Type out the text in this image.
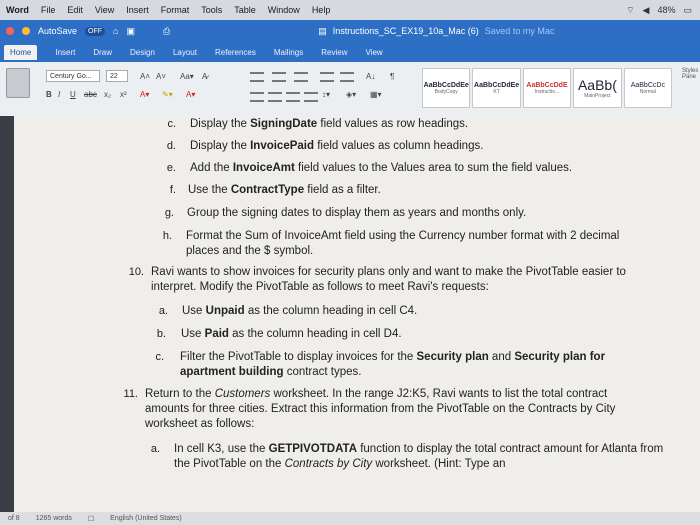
Word File Edit View Insert Format Tools Table Window Help	⌔ ◀ 48% ▭
AutoSave	OFF	⌂ ▣	⎙	▤ Instructions_SC_EX19_10a_Mac (6) Saved to my Mac
Home	Insert Draw Design Layout References Mailings Review View
Century Go...	22	A˄ A˅ Aa▾ A̷
B I U abc x₂ x² A▾ ✎▾ A▾
A↓ ¶
↕▾ ◈▾ ▦▾
AaBbCcDdEe
BodyCopy
AaBbCcDdEe
KT
AaBbCcDdE
Instructio... AaBb(
MainProject
AaBbCcDc
Normal
Styles Pane
c. Display the SigningDate field values as row headings.
d. Display the InvoicePaid field values as column headings.
e. Add the InvoiceAmt field values to the Values area to sum the field values.
f. Use the ContractType field as a filter.
g. Group the signing dates to display them as years and months only.
h. Format the Sum of InvoiceAmt field using the Currency number format with 2 decimal places and the $ symbol.
10. Ravi wants to show invoices for security plans only and want to make the PivotTable easier to interpret. Modify the PivotTable as follows to meet Ravi's requests:
a. Use Unpaid as the column heading in cell C4.
b. Use Paid as the column heading in cell D4.
c. Filter the PivotTable to display invoices for the Security plan and Security plan for apartment building contract types.
11. Return to the Customers worksheet. In the range J2:K5, Ravi wants to list the total contract amounts for three cities. Extract this information from the PivotTable on the Contracts by City worksheet as follows:
a. In cell K3, use the GETPIVOTDATA function to display the total contract amount for Atlanta from the PivotTable on the Contracts by City worksheet. (Hint: Type an
of 8 1265 words ☐ English (United States)
